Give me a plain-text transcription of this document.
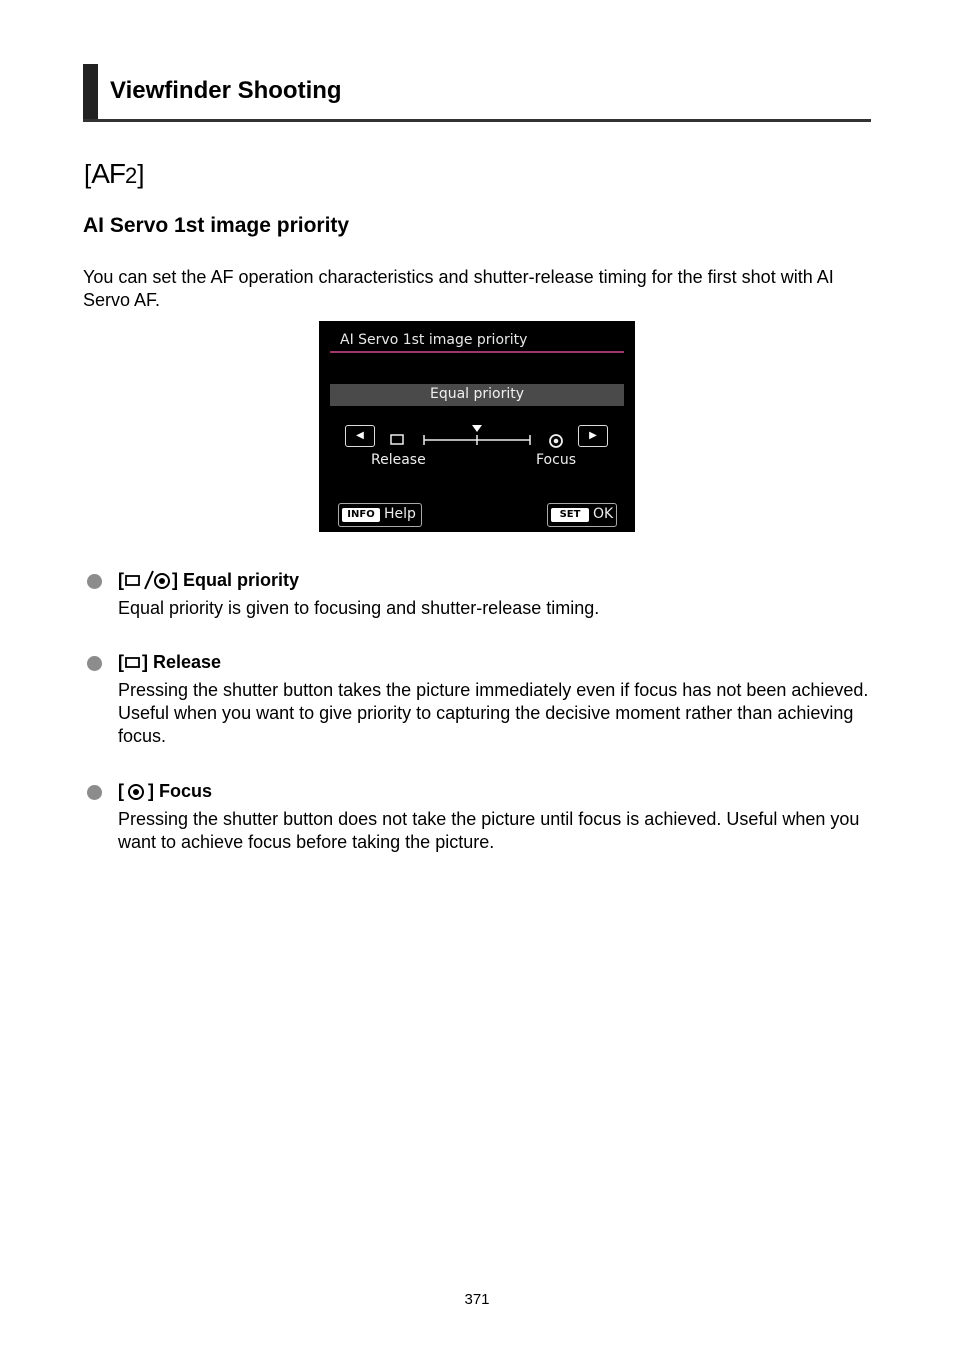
Viewfinder Shooting
[AF2]
AI Servo 1st image priority
You can set the AF operation characteristics and shutter-release timing for the first shot with AI Servo AF.
AI Servo 1st image priority
Equal priority
◀	▶
Release	Focus
INFO Help	SET OK
[	] Equal priority
Equal priority is given to focusing and shutter-release timing.
[ ] Release
Pressing the shutter button takes the picture immediately even if focus has not been achieved. Useful when you want to give priority to capturing the decisive moment rather than achieving focus.
[ ] Focus
Pressing the shutter button does not take the picture until focus is achieved. Useful when you want to achieve focus before taking the picture.
371
